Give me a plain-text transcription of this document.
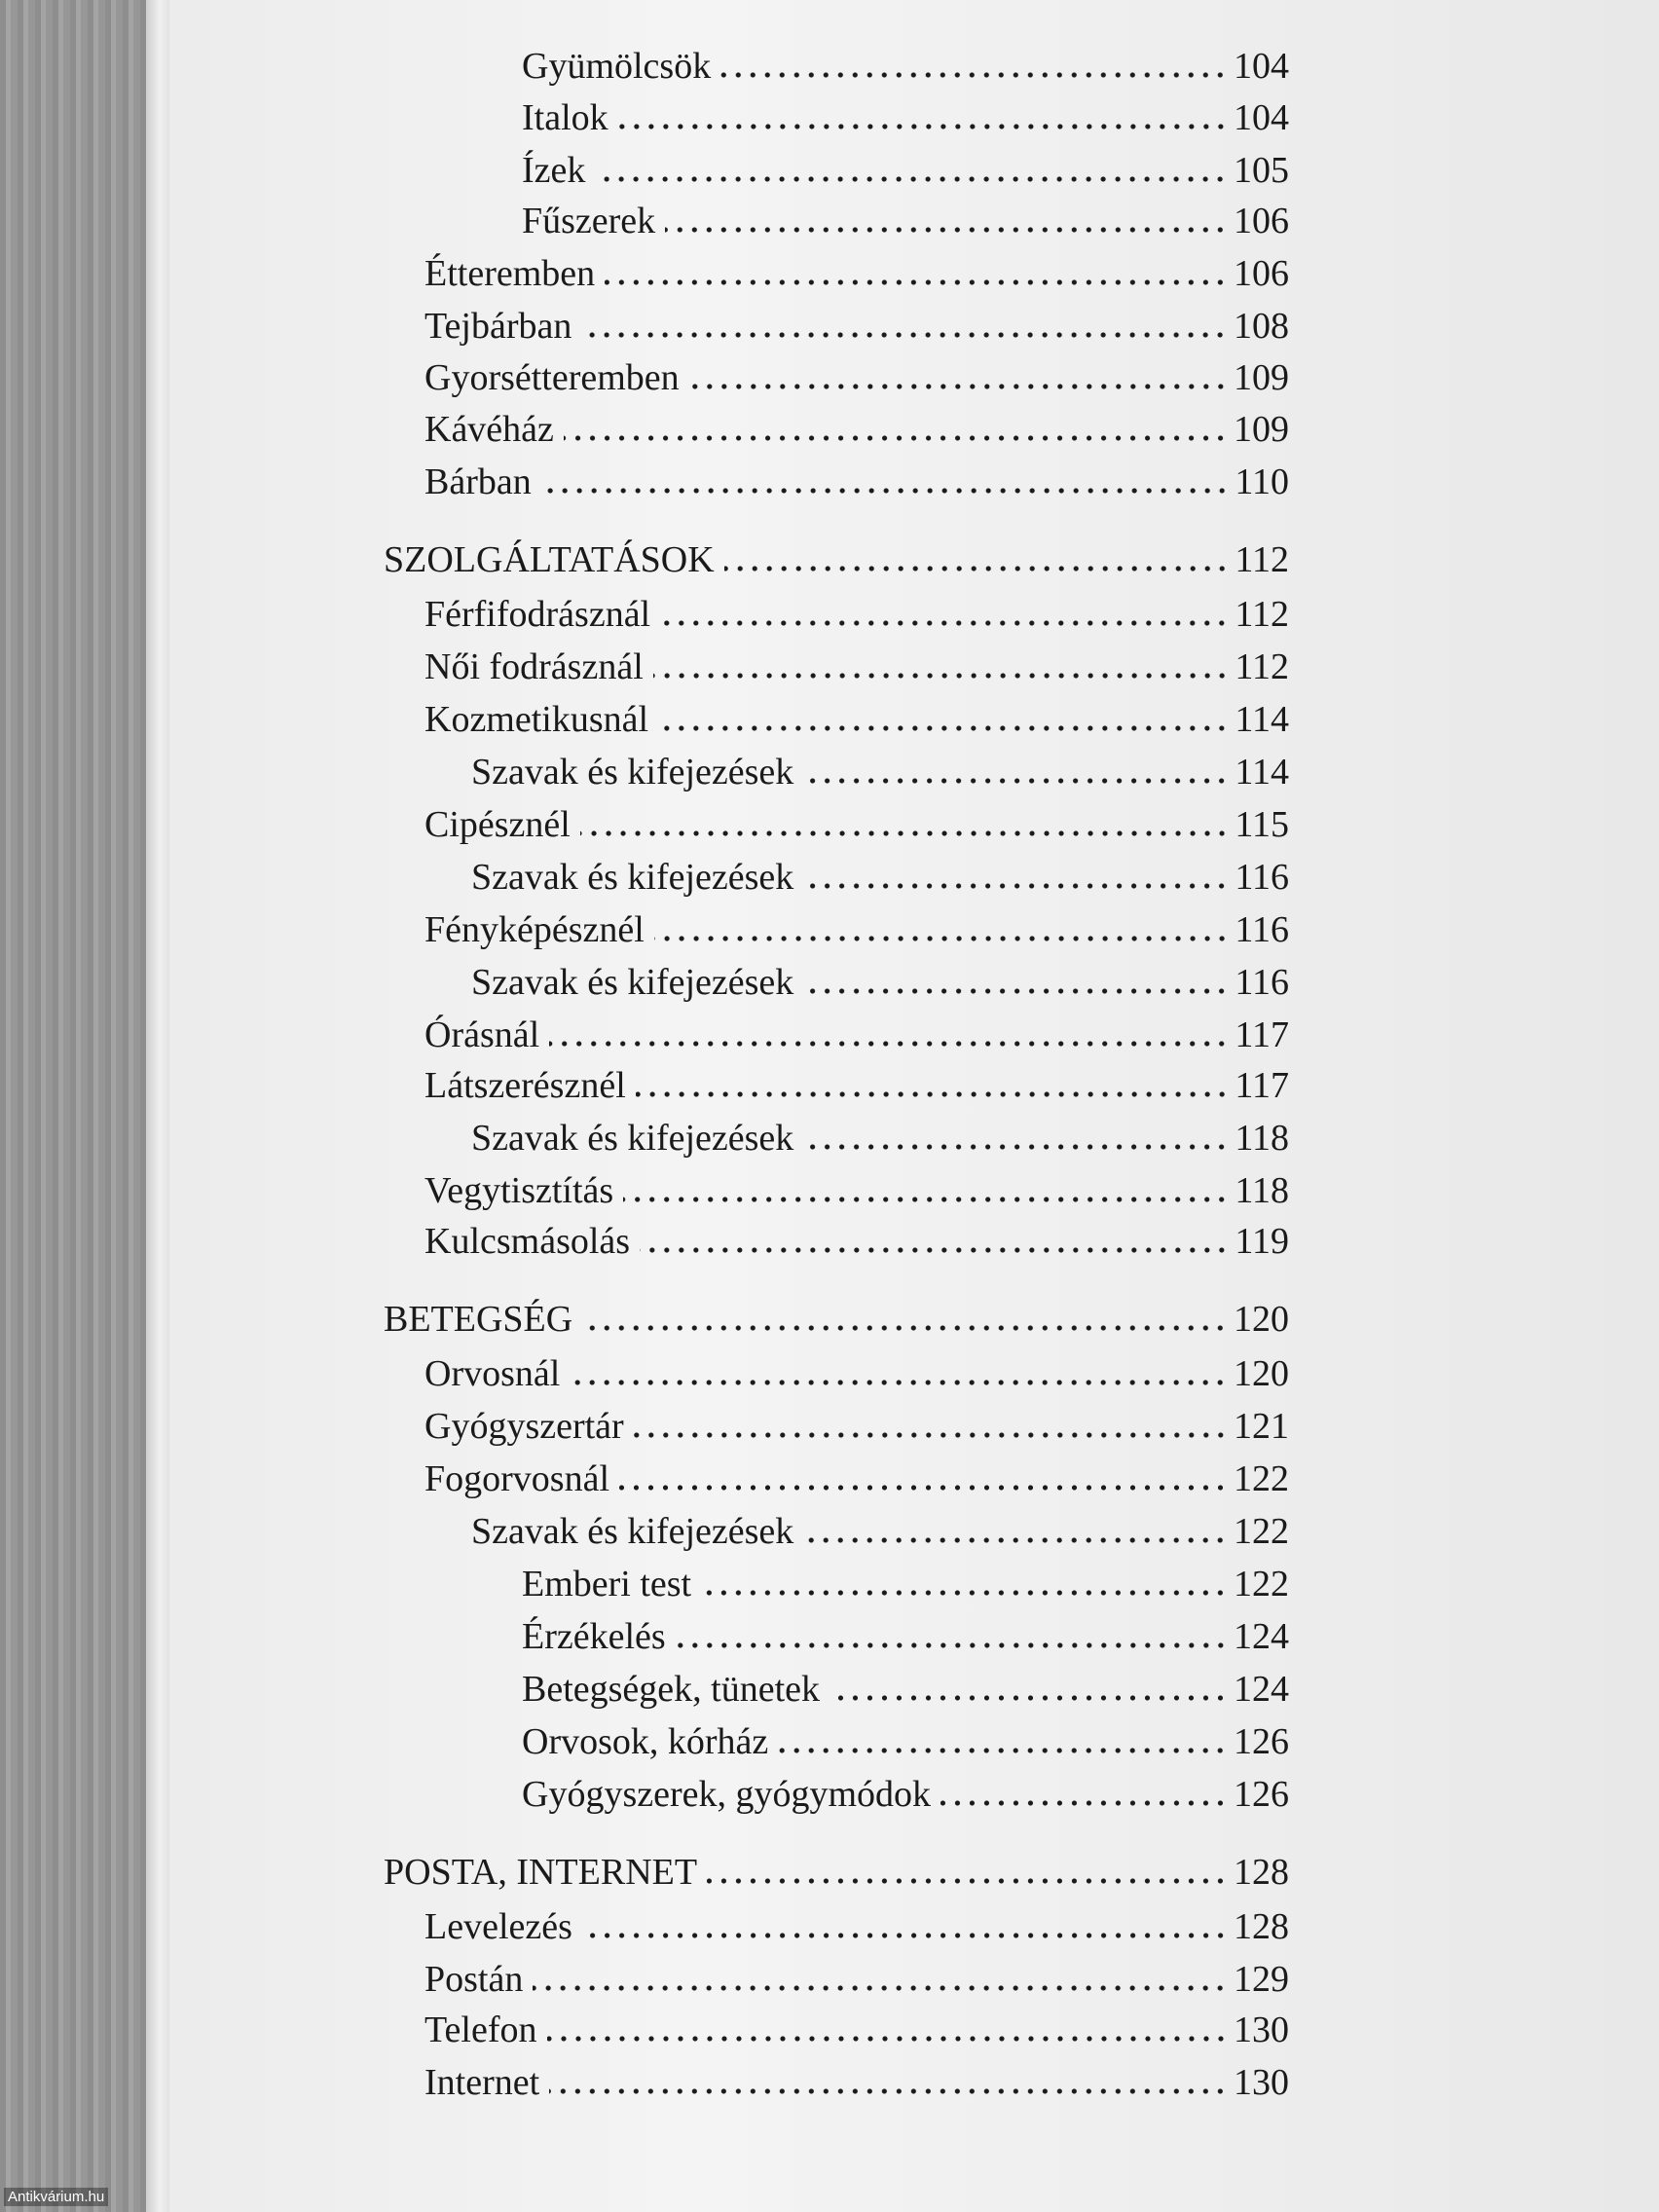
Gyümölcsök	104
Italok	104
Ízek	105
Fűszerek	106
Étteremben	106
Tejbárban	108
Gyorsétteremben	109
Kávéház	109
Bárban	110
SZOLGÁLTATÁSOK	112
Férfifodrásznál	112
Női fodrásznál	112
Kozmetikusnál	114
Szavak és kifejezések	114
Cipésznél	115
Szavak és kifejezések	116
Fényképésznél	116
Szavak és kifejezések	116
Órásnál	117
Látszerésznél	117
Szavak és kifejezések	118
Vegytisztítás	118
Kulcsmásolás	119
BETEGSÉG	120
Orvosnál	120
Gyógyszertár	121
Fogorvosnál	122
Szavak és kifejezések	122
Emberi test	122
Érzékelés	124
Betegségek, tünetek	124
Orvosok, kórház	126
Gyógyszerek, gyógymódok	126
POSTA, INTERNET	128
Levelezés	128
Postán	129
Telefon	130
Internet	130
Antikvárium.hu
